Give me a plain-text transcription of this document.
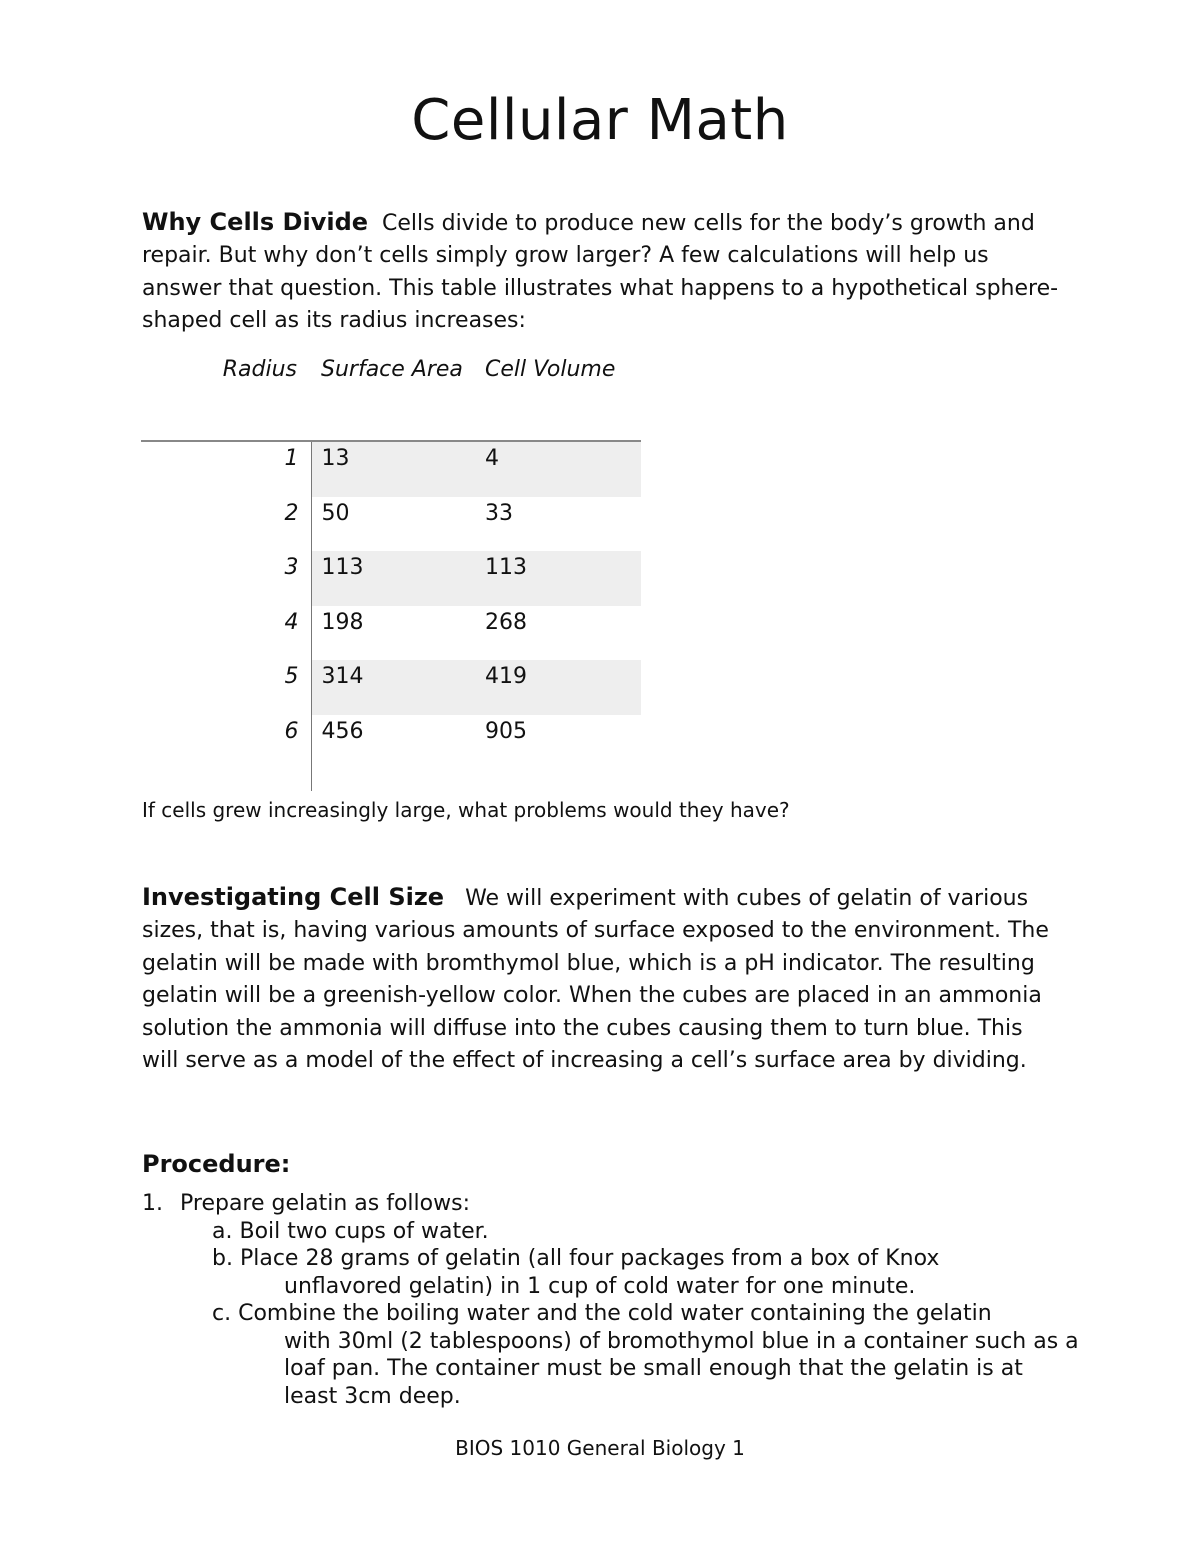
Cellular Math

Why Cells Divide Cells divide to produce new cells for the body’s growth and repair. But why don’t cells simply grow larger? A few calculations will help us answer that question. This table illustrates what happens to a hypothetical sphere-shaped cell as its radius increases:

Radius	Surface Area	Cell Volume
1	13	4
2	50	33
3	113	113
4	198	268
5	314	419
6	456	905

If cells grew increasingly large, what problems would they have?

Investigating Cell Size We will experiment with cubes of gelatin of various sizes, that is, having various amounts of surface exposed to the environment. The gelatin will be made with bromthymol blue, which is a pH indicator. The resulting gelatin will be a greenish-yellow color. When the cubes are placed in an ammonia solution the ammonia will diffuse into the cubes causing them to turn blue. This will serve as a model of the effect of increasing a cell’s surface area by dividing.

Procedure:
1. Prepare gelatin as follows:

a. Boil two cups of water.

b. Place 28 grams of gelatin (all four packages from a box of Knox
unflavored gelatin) in 1 cup of cold water for one minute.

c. Combine the boiling water and the cold water containing the gelatin
with 30ml (2 tablespoons) of bromothymol blue in a container such as a loaf pan. The container must be small enough that the gelatin is at least 3cm deep.

BIOS 1010 General Biology 1
